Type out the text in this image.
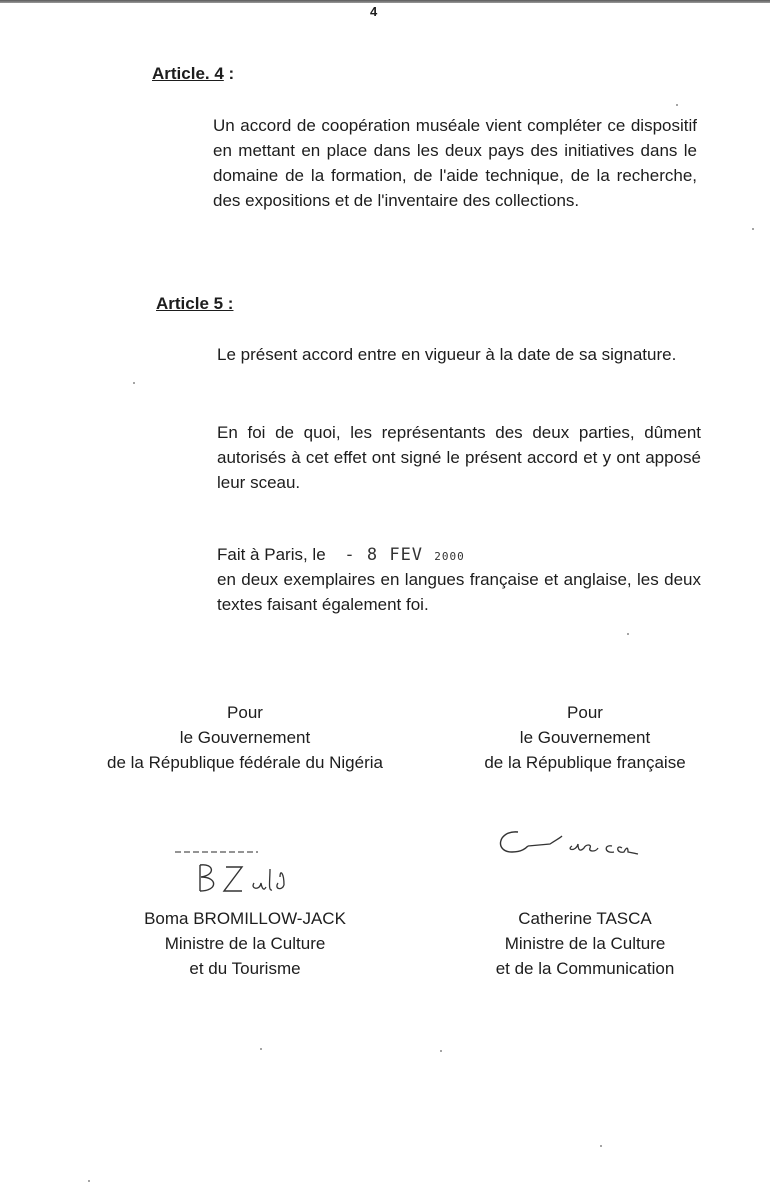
4
Article. 4 :
Un accord de coopération muséale vient compléter ce dispositif en mettant en place dans les deux pays des initiatives dans le domaine de la formation, de l'aide technique, de la recherche, des expositions et de l'inventaire des collections.
Article 5 :
Le présent accord entre en vigueur à la date de sa signature.
En foi de quoi, les représentants des deux parties, dûment autorisés à cet effet ont signé le présent accord et y ont apposé leur sceau.
Fait à Paris, le - 8 FEV 2000
en deux exemplaires en langues française et anglaise, les deux textes faisant également foi.
Pour
le Gouvernement
de la République fédérale du Nigéria
Boma BROMILLOW-JACK
Ministre de la Culture
et du Tourisme
Pour
le Gouvernement
de la République française
Catherine TASCA
Ministre de la Culture
et de la Communication
